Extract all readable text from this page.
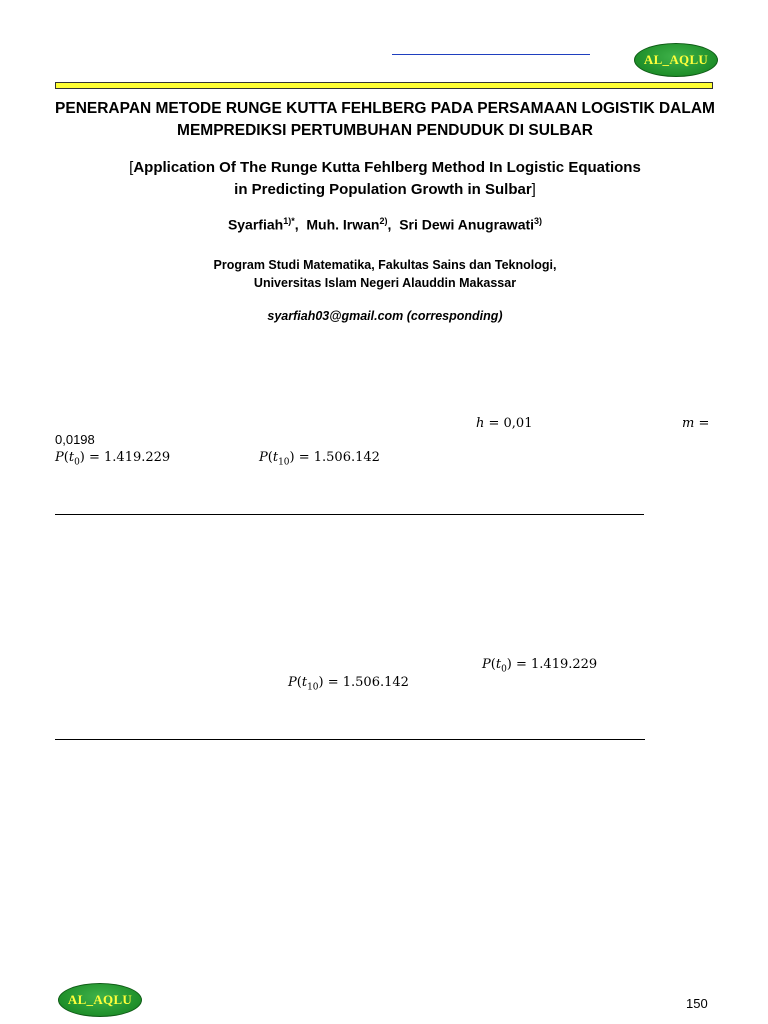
AL_AQLU
PENERAPAN METODE RUNGE KUTTA FEHLBERG PADA PERSAMAAN LOGISTIK DALAM
MEMPREDIKSI PERTUMBUHAN PENDUDUK DI SULBAR
[Application Of The Runge Kutta Fehlberg Method In Logistic Equations
in Predicting Population Growth in Sulbar]
Syarfiah$^{1)*}$,  Muh. Irwan$^{2)}$,  Sri Dewi Anugrawati$^{3)}$
Program Studi Matematika, Fakultas Sains dan Teknologi,
Universitas Islam Negeri Alauddin Makassar
syarfiah03@gmail.com (corresponding)
h = 0,01	m =
0,0198
$P(t_0) = 1.419.229$	$P(t_{10}) = 1.506.142$
$P(t_0) = 1.419.229$
$P(t_{10}) = 1.506.142$
AL_AQLU	150
